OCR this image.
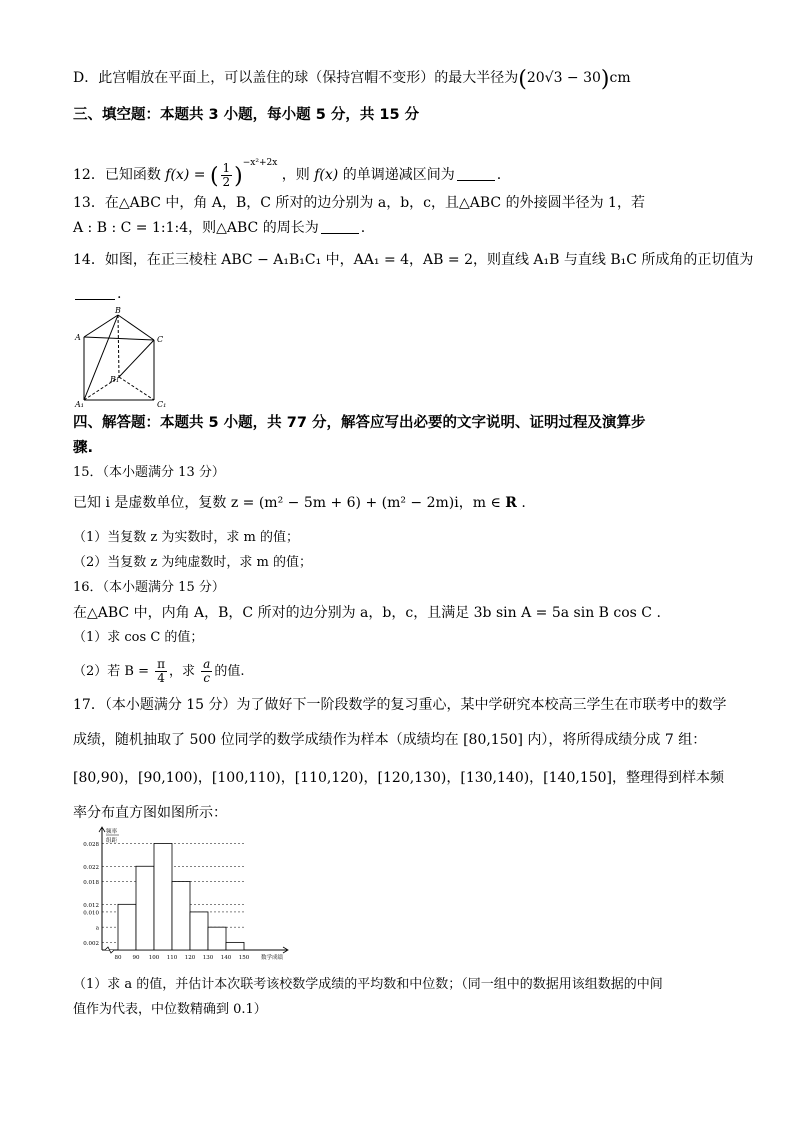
D．此宫帽放在平面上，可以盖住的球（保持宫帽不变形）的最大半径为(20√3 − 30)cm
三、填空题：本题共 3 小题，每小题 5 分，共 15 分
12．已知函数 f(x) = ( $\frac{1}{2} )^{-x^2+2x}$ ，则 f(x) 的单调递减区间为	.
13．在△ABC 中，角 A，B，C 所对的边分别为 a，b，c，且△ABC 的外接圆半径为 1，若
A : B : C = 1:1:4，则△ABC 的周长为	.
14．如图，在正三棱柱 ABC − A₁B₁C₁ 中，AA₁ = 4，AB = 2，则直线 A₁B 与直线 B₁C 所成角的正切值为
.
A
B
C
A₁
B₁
C₁
四、解答题：本题共 5 小题，共 77 分，解答应写出必要的文字说明、证明过程及演算步
骤.
15．（本小题满分 13 分）
已知 i 是虚数单位，复数 z = (m² − 5m + 6) + (m² − 2m)i，m ∈ R .
（1）当复数 z 为实数时，求 m 的值；
（2）当复数 z 为纯虚数时，求 m 的值；
16．（本小题满分 15 分）
在△ABC 中，内角 A，B，C 所对的边分别为 a，b，c，且满足 3b sin A = 5a sin B cos C .
（1）求 cos C 的值；
（2）若 $B = \frac{\pi}{4}$ ，求 $\frac{a}{c}$ 的值.
17．（本小题满分 15 分）为了做好下一阶段数学的复习重心，某中学研究本校高三学生在市联考中的数学
成绩，随机抽取了 500 位同学的数学成绩作为样本（成绩均在 [80,150] 内），将所得成绩分成 7 组：
[80,90)，[90,100)，[100,110)，[110,120)，[120,130)，[130,140)，[140,150]，整理得到样本频
率分布直方图如图所示：
0.028
0.022
0.018
0.012
0.010
a
0.002
80 90 100 110 120 130 140 150 数学成绩
频率
组距
（1）求 a 的值，并估计本次联考该校数学成绩的平均数和中位数；（同一组中的数据用该组数据的中间
值作为代表，中位数精确到 0.1）
